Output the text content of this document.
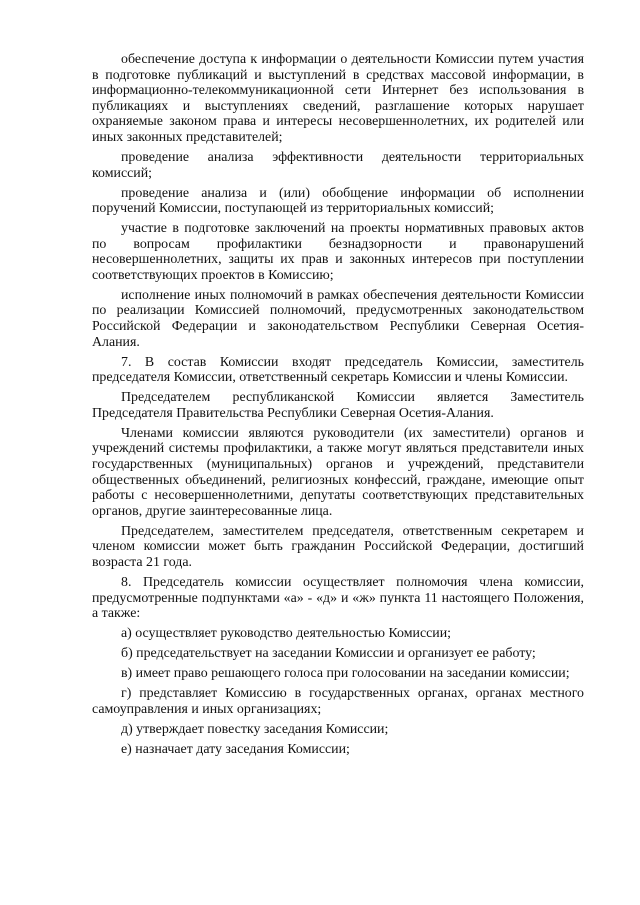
обеспечение доступа к информации о деятельности Комиссии путем участия в подготовке публикаций и выступлений в средствах массовой информации, в информационно-телекоммуникационной сети Интернет без использования в публикациях и выступлениях сведений, разглашение которых нарушает охраняемые законом права и интересы несовершеннолетних, их родителей или иных законных представителей;

проведение анализа эффективности деятельности территориальных комиссий;

проведение анализа и (или) обобщение информации об исполнении поручений Комиссии, поступающей из территориальных комиссий;

участие в подготовке заключений на проекты нормативных правовых актов по вопросам профилактики безнадзорности и правонарушений несовершеннолетних, защиты их прав и законных интересов при поступлении соответствующих проектов в Комиссию;

исполнение иных полномочий в рамках обеспечения деятельности Комиссии по реализации Комиссией полномочий, предусмотренных законодательством Российской Федерации и законодательством Республики Северная Осетия-Алания.

7. В состав Комиссии входят председатель Комиссии, заместитель председателя Комиссии, ответственный секретарь Комиссии и члены Комиссии.

Председателем республиканской Комиссии является Заместитель Председателя Правительства Республики Северная Осетия-Алания.

Членами комиссии являются руководители (их заместители) органов и учреждений системы профилактики, а также могут являться представители иных государственных (муниципальных) органов и учреждений, представители общественных объединений, религиозных конфессий, граждане, имеющие опыт работы с несовершеннолетними, депутаты соответствующих представительных органов, другие заинтересованные лица.

Председателем, заместителем председателя, ответственным секретарем и членом комиссии может быть гражданин Российской Федерации, достигший возраста 21 года.

8. Председатель комиссии осуществляет полномочия члена комиссии, предусмотренные подпунктами «а» - «д» и «ж» пункта 11 настоящего Положения, а также:

а) осуществляет руководство деятельностью Комиссии;

б) председательствует на заседании Комиссии и организует ее работу;

в) имеет право решающего голоса при голосовании на заседании комиссии;

г) представляет Комиссию в государственных органах, органах местного самоуправления и иных организациях;

д) утверждает повестку заседания Комиссии;

е) назначает дату заседания Комиссии;
